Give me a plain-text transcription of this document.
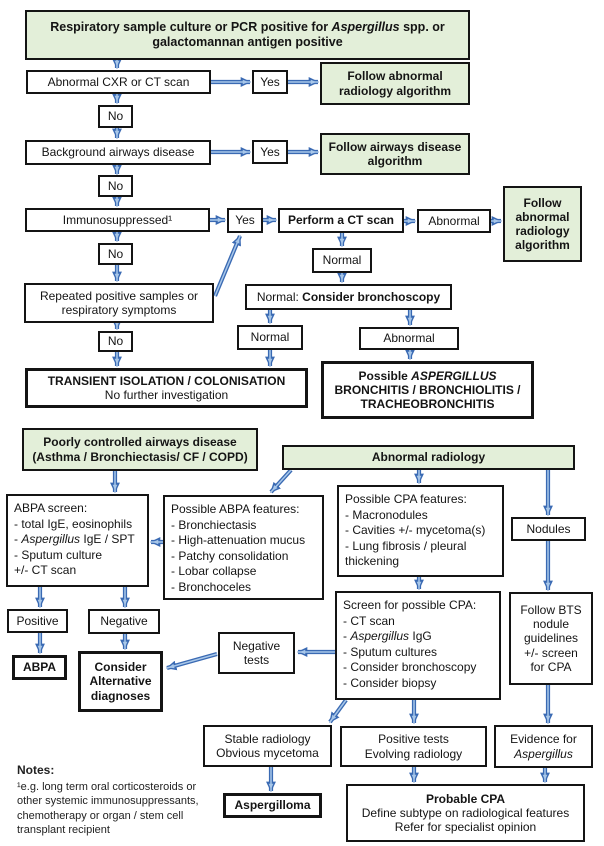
Respiratory sample culture or PCR positive for Aspergillus spp. or galactomannan antigen positive
Abnormal CXR or CT scan	Yes	Follow abnormal radiology algorithm
No
Background airways disease	Yes	Follow airways disease algorithm
No
Immunosuppressed¹	Yes	Perform a CT scan	Abnormal
Follow
abnormal
radiology
algorithm
No	Normal
Repeated positive samples or respiratory symptoms
Normal: Consider bronchoscopy
No	Normal	Abnormal
TRANSIENT ISOLATION / COLONISATION
No further investigation
Possible ASPERGILLUS
BRONCHITIS / BRONCHIOLITIS /
TRACHEOBRONCHITIS
Poorly controlled airways disease
(Asthma / Bronchiectasis/ CF / COPD)	Abnormal radiology
ABPA screen:
- total IgE, eosinophils
- Aspergillus IgE / SPT
- Sputum culture
+/- CT scan
Possible ABPA features:
- Bronchiectasis
- High-attenuation mucus
- Patchy consolidation
- Lobar collapse
- Bronchoceles
Possible CPA features:
- Macronodules
- Cavities +/- mycetoma(s)
- Lung fibrosis / pleural
thickening
Nodules
Screen for possible CPA:
- CT scan
- Aspergillus IgG
- Sputum cultures
- Consider bronchoscopy
- Consider biopsy
Follow BTS
nodule
guidelines
+/- screen
for CPA
Positive	Negative
ABPA	Consider
Alternative
diagnoses
Negative
tests
Stable radiology
Obvious mycetoma
Positive tests
Evolving radiology
Evidence for
Aspergillus
Aspergilloma	Probable CPA
Define subtype on radiological features
Refer for specialist opinion
Notes:
¹e.g. long term oral corticosteroids or
other systemic immunosuppressants,
chemotherapy or organ / stem cell
transplant recipient
